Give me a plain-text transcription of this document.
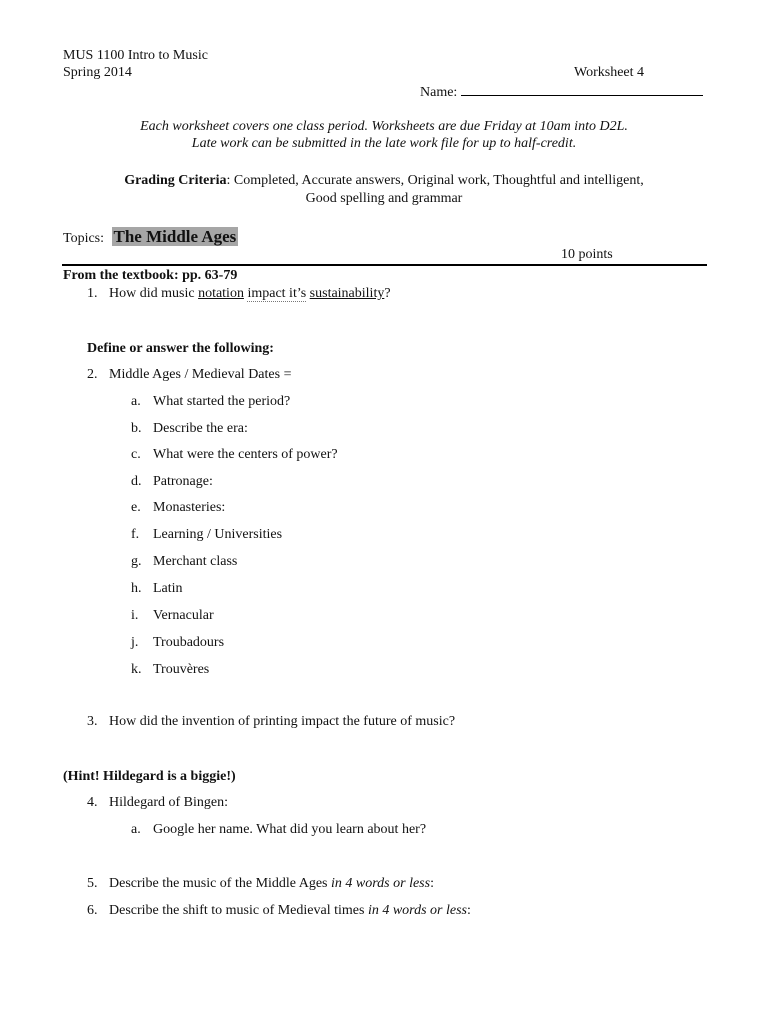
MUS 1100 Intro to Music
Spring 2014	Worksheet 4
Name:
Each worksheet covers one class period. Worksheets are due Friday at 10am into D2L.
Late work can be submitted in the late work file for up to half-credit.
Grading Criteria: Completed, Accurate answers, Original work, Thoughtful and intelligent,
Good spelling and grammar
Topics: The Middle Ages
10 points
From the textbook: pp. 63-79
1. How did music notation impact it’s sustainability?
Define or answer the following:
2. Middle Ages / Medieval Dates =
a. What started the period?
b. Describe the era:
c. What were the centers of power?
d. Patronage:
e. Monasteries:
f. Learning / Universities
g. Merchant class
h. Latin
i. Vernacular
j. Troubadours
k. Trouvères
3. How did the invention of printing impact the future of music?
(Hint! Hildegard is a biggie!)
4. Hildegard of Bingen:
a. Google her name. What did you learn about her?
5. Describe the music of the Middle Ages in 4 words or less:
6. Describe the shift to music of Medieval times in 4 words or less:
